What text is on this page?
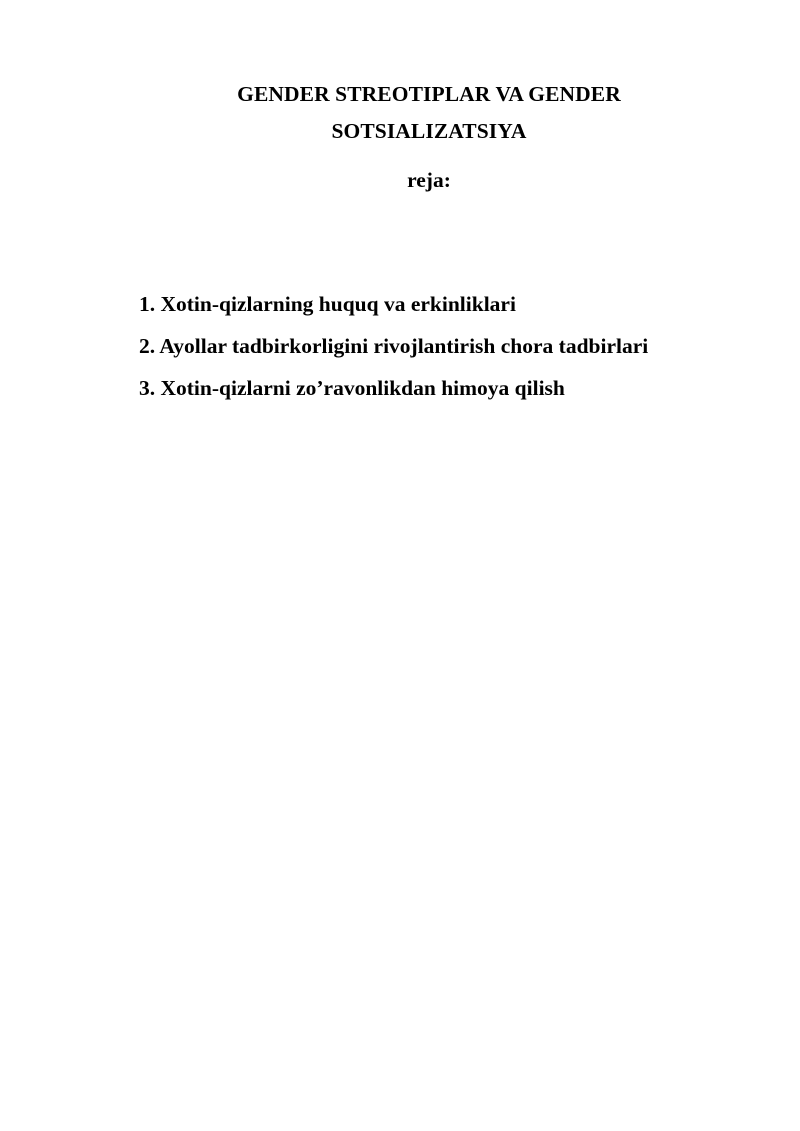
GENDER STREOTIPLAR VA GENDER
SOTSIALIZATSIYA
reja:
1. Xotin-qizlarning huquq va erkinliklari
2. Ayollar tadbirkorligini rivojlantirish chora tadbirlari
3. Xotin-qizlarni zo’ravonlikdan himoya qilish
